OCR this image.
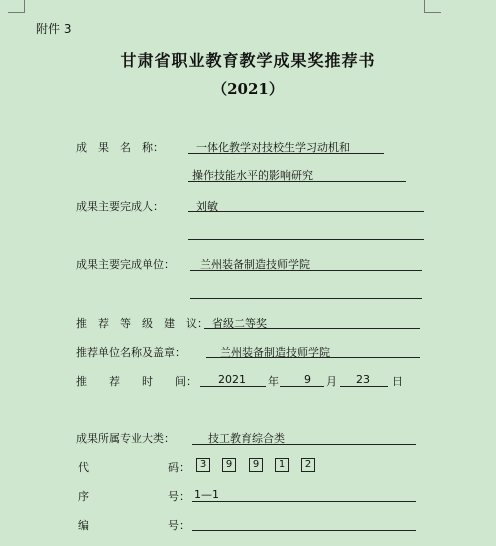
附件 3
甘肃省职业教育教学成果奖推荐书
（2021）
成　果　名　称：	一体化教学对技校生学习动机和
操作技能水平的影响研究
成果主要完成人：	刘敏
成果主要完成单位： 兰州装备制造技师学院
推　荐　等　级　建　议： 省级二等奖
推荐单位名称及盖章：	兰州装备制造技师学院
推　　荐　　时　　间： 2021 年 9 月 23 日
成果所属专业大类：	技工教育综合类
代	码： 3	9	9	1	2
序	号： 1—1
编	号：
